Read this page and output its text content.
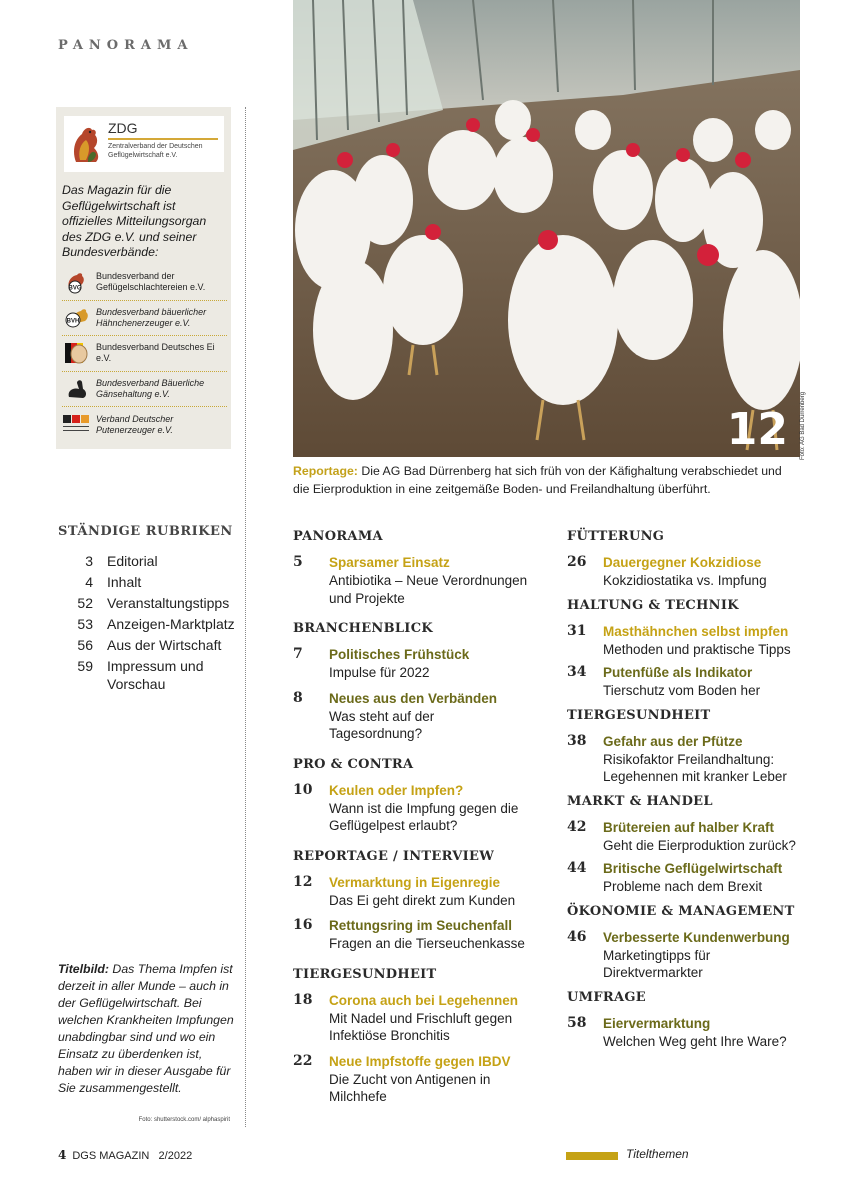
PANORAMA
ZDG
Zentralverband der Deutschen Geflügelwirtschaft e.V.
Das Magazin für die Geflügelwirtschaft ist offizielles Mitteilungsorgan des ZDG e.V. und seiner Bundesverbände:
BVG
Bundesverband der Geflügelschlachtereien e.V.
BVH
Bundesverband bäuerlicher Hähnchenerzeuger e.V.
Bundesverband Deutsches Ei e.V.
Bundesverband Bäuerliche Gänsehaltung e.V.
Verband Deutscher Putenerzeuger e.V.	12 Foto: AG Bad Dürrenberg
Reportage: Die AG Bad Dürrenberg hat sich früh von der Käfighaltung verabschiedet und die Eierproduktion in eine zeitgemäße Boden- und Freilandhaltung überführt.
STÄNDIGE RUBRIKEN
3	Editorial
4	Inhalt
52	Veranstaltungstipps
53	Anzeigen-Marktplatz
56	Aus der Wirtschaft
59	Impressum und Vorschau
Titelbild: Das Thema Impfen ist derzeit in aller Munde – auch in der Geflügelwirtschaft. Bei welchen Krankheiten Impfungen unabdingbar sind und wo ein Einsatz zu überdenken ist, haben wir in dieser Ausgabe für Sie zusammengestellt.
Foto: shutterstock.com/ alphaspirit
PANORAMA
5	Sparsamer Einsatz
Antibiotika – Neue Verordnungen und Projekte
BRANCHENBLICK
7	Politisches Frühstück
Impulse für 2022
8	Neues aus den Verbänden
Was steht auf der Tagesordnung?
PRO & CONTRA
10	Keulen oder Impfen?
Wann ist die Impfung gegen die Geflügelpest erlaubt?
REPORTAGE / INTERVIEW
12	Vermarktung in Eigenregie
Das Ei geht direkt zum Kunden
16	Rettungsring im Seuchenfall
Fragen an die Tierseuchenkasse
TIERGESUNDHEIT
18	Corona auch bei Legehennen
Mit Nadel und Frischluft gegen Infektiöse Bronchitis
22	Neue Impfstoffe gegen IBDV
Die Zucht von Antigenen in Milchhefe
FÜTTERUNG
26	Dauergegner Kokzidiose
Kokzidiostatika vs. Impfung
HALTUNG & TECHNIK
31	Masthähnchen selbst impfen
Methoden und praktische Tipps
34	Putenfüße als Indikator
Tierschutz vom Boden her
TIERGESUNDHEIT
38	Gefahr aus der Pfütze
Risikofaktor Freilandhaltung: Legehennen mit kranker Leber
MARKT & HANDEL
42	Brütereien auf halber Kraft
Geht die Eierproduktion zurück?
44	Britische Geflügelwirtschaft
Probleme nach dem Brexit
ÖKONOMIE & MANAGEMENT
46	Verbesserte Kundenwerbung
Marketingtipps für Direktvermarkter
UMFRAGE
58	Eiervermarktung
Welchen Weg geht Ihre Ware?
4 DGS MAGAZIN 2/2022	Titelthemen
